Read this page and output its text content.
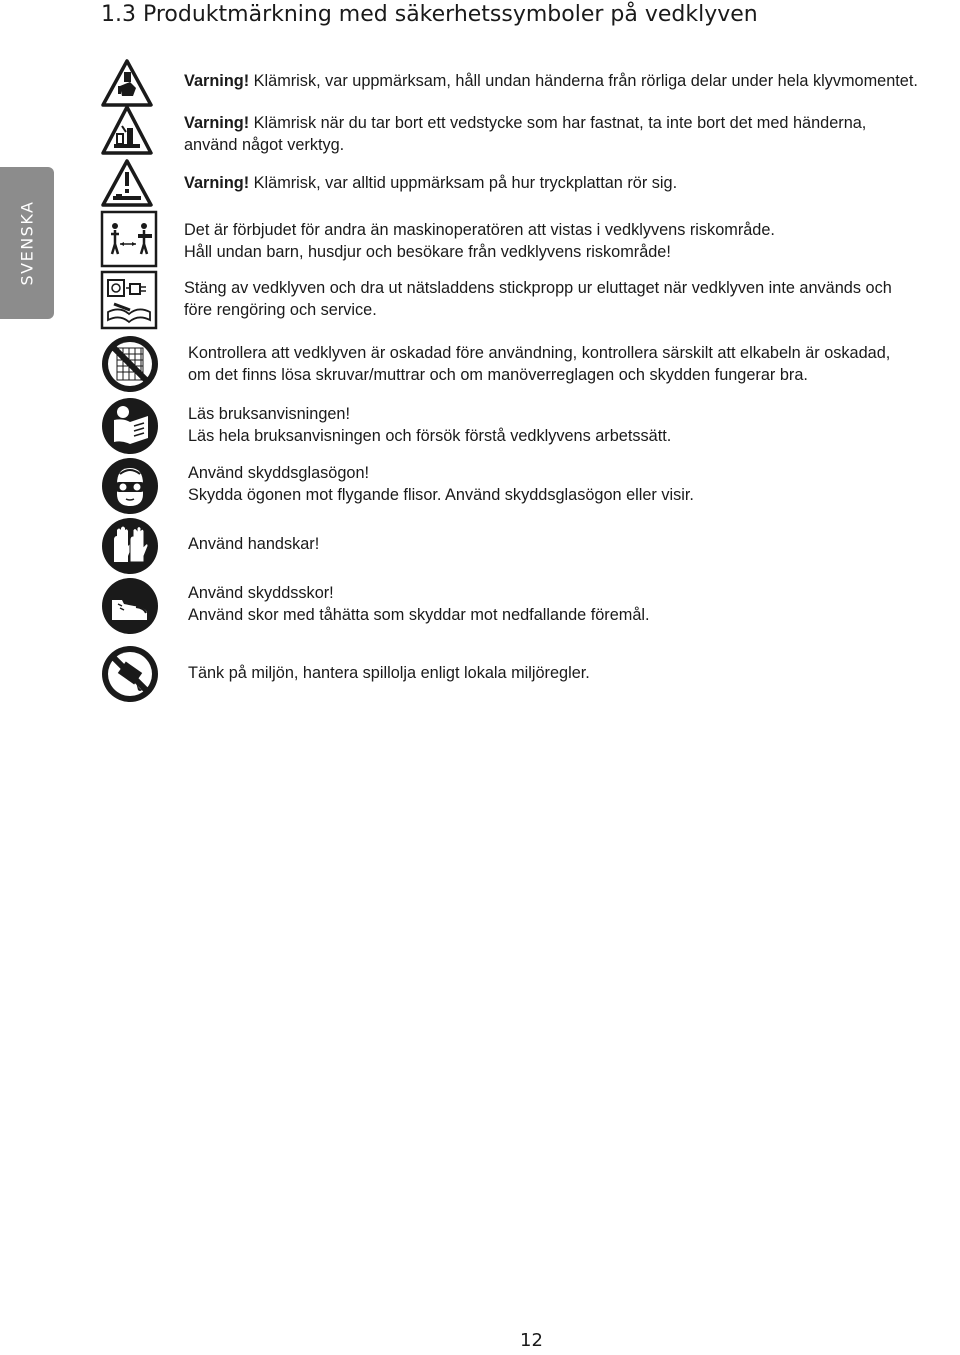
1.3 Produktmärkning med säkerhetssymboler på vedklyven
SVENSKA

Varning! Klämrisk, var uppmärksam, håll undan händerna från rörliga delar under hela klyvmomentet.

Varning! Klämrisk när du tar bort ett vedstycke som har fastnat, ta inte bort det med händerna,
använd något verktyg.

Varning! Klämrisk, var alltid uppmärksam på hur tryckplattan rör sig.

Det är förbjudet för andra än maskinoperatören att vistas i vedklyvens riskområde.
Håll undan barn, husdjur och besökare från vedklyvens riskområde!

Stäng av vedklyven och dra ut nätsladdens stickpropp ur eluttaget när vedklyven inte används och
före rengöring och service.

Kontrollera att vedklyven är oskadad före användning, kontrollera särskilt att elkabeln är oskadad,
om det finns lösa skruvar/muttrar och om manöverreglagen och skydden fungerar bra.

Läs bruksanvisningen!
Läs hela bruksanvisningen och försök förstå vedklyvens arbetssätt.

Använd skyddsglasögon!
Skydda ögonen mot flygande flisor. Använd skyddsglasögon eller visir.

Använd handskar!

Använd skyddsskor!
Använd skor med tåhätta som skyddar mot nedfallande föremål.

Tänk på miljön, hantera spillolja enligt lokala miljöregler.

12
